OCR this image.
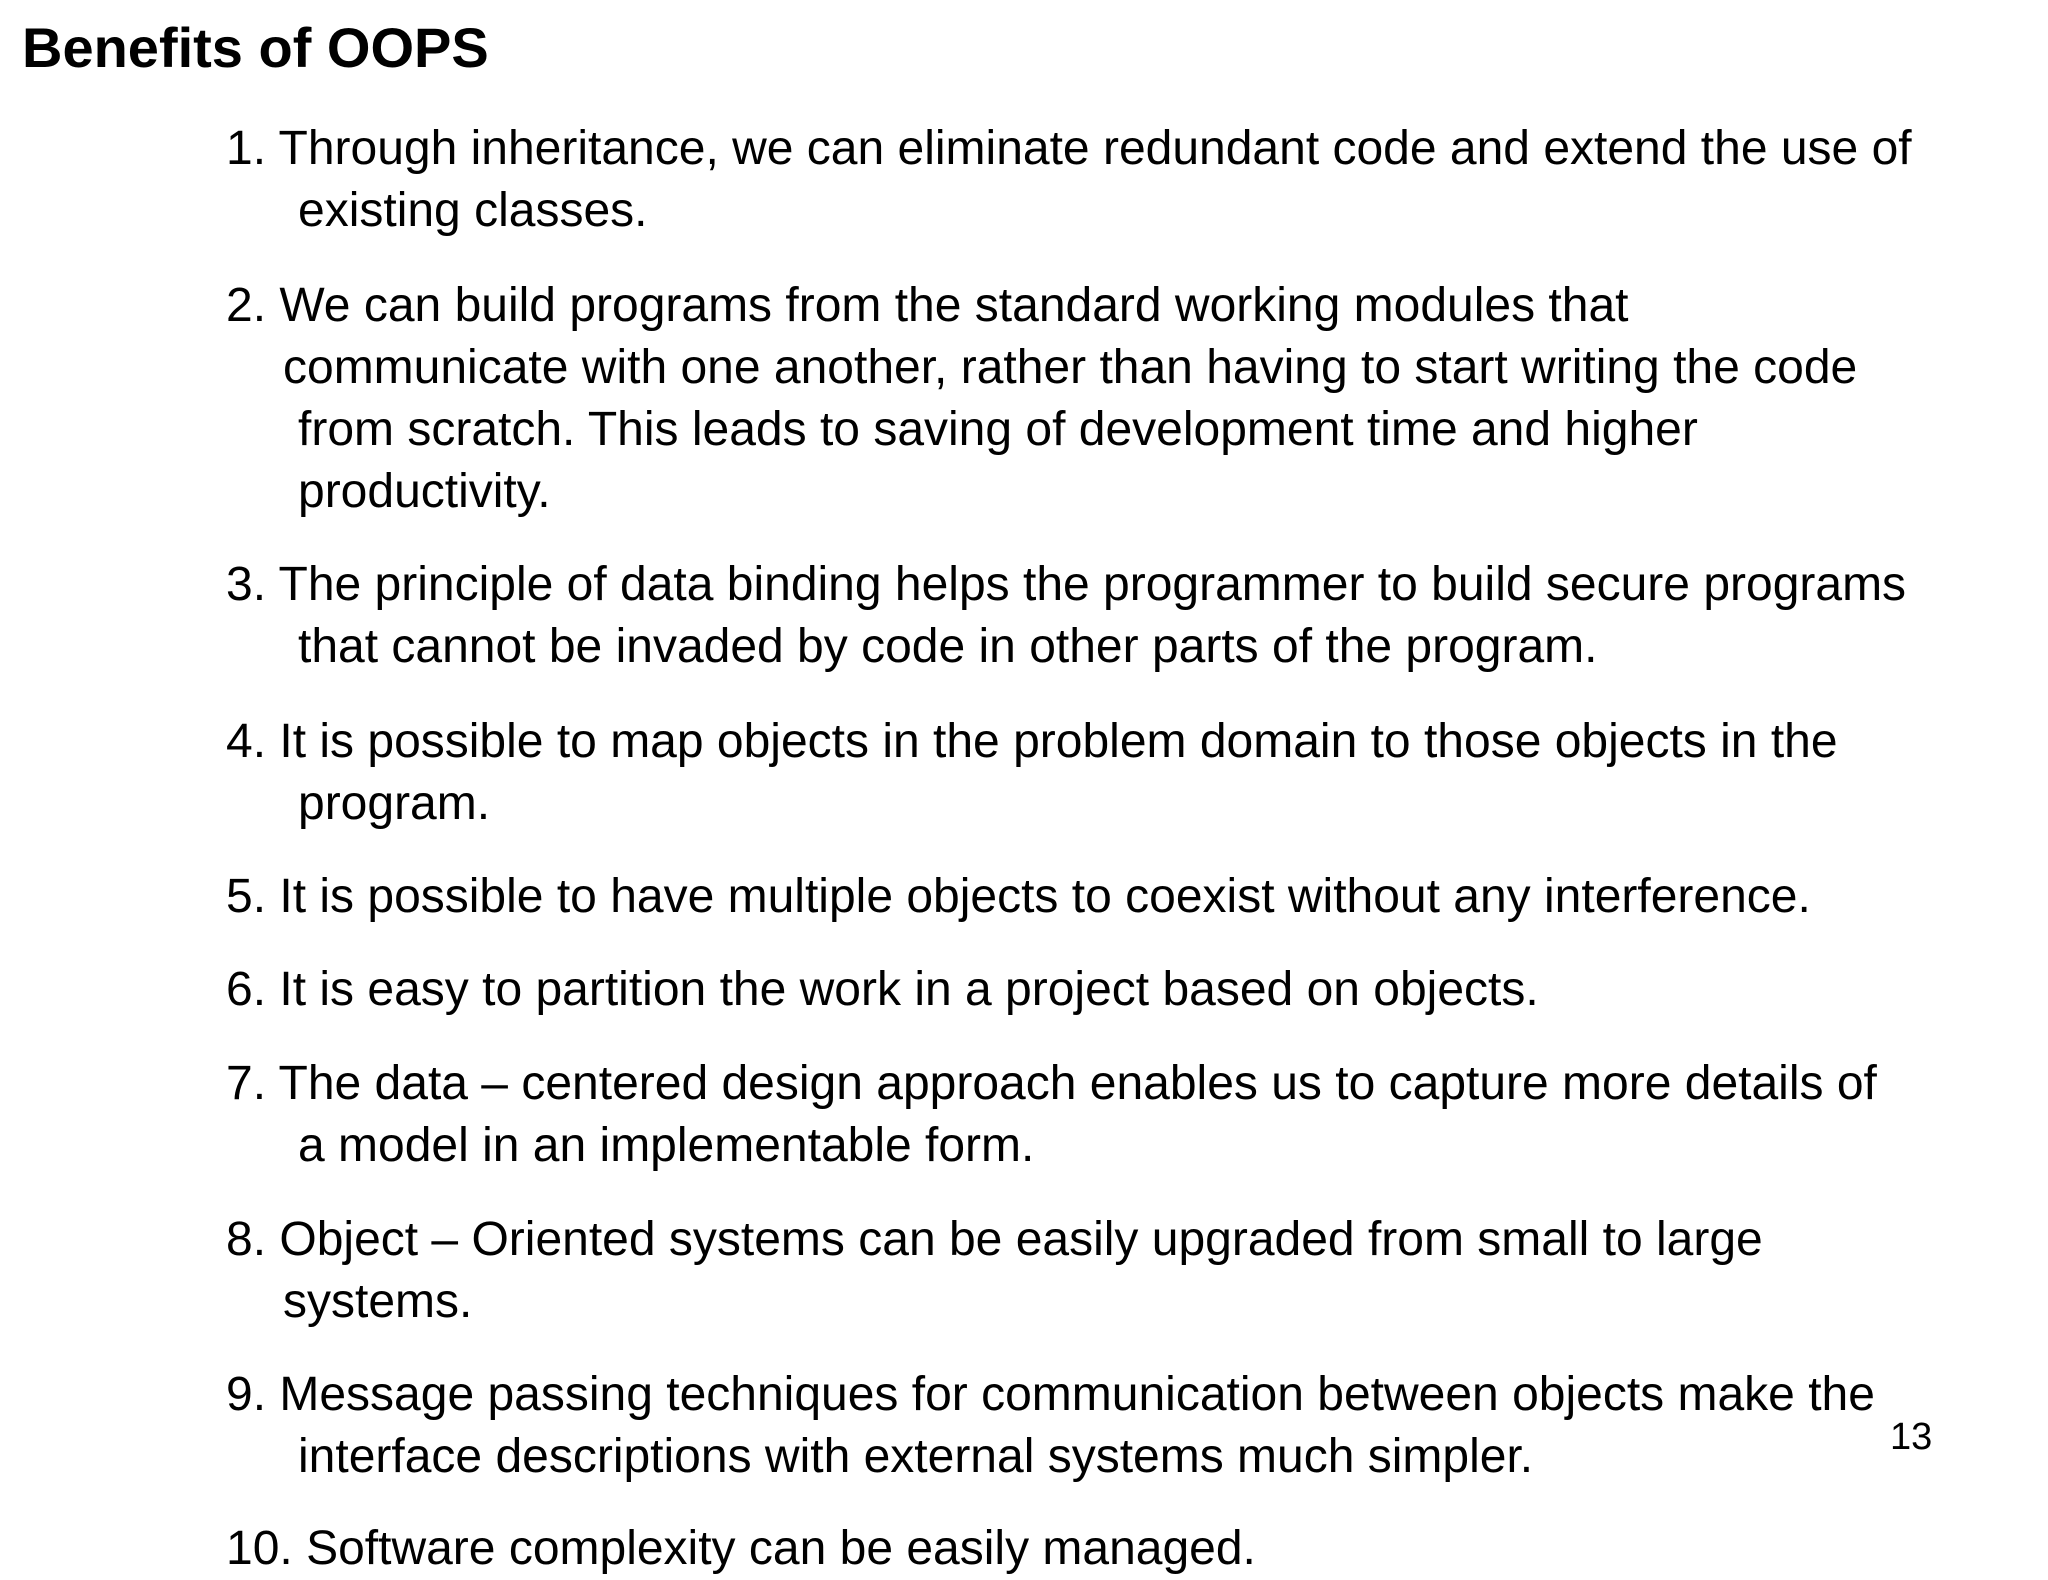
Benefits of OOPS
1. Through inheritance, we can eliminate redundant code and extend the use of
existing classes.
2. We can build programs from the standard working modules that
communicate with one another, rather than having to start writing the code
from scratch. This leads to saving of development time and higher
productivity.
3. The principle of data binding helps the programmer to build secure programs
that cannot be invaded by code in other parts of the program.
4. It is possible to map objects in the problem domain to those objects in the
program.
5. It is possible to have multiple objects to coexist without any interference.
6. It is easy to partition the work in a project based on objects.
7. The data – centered design approach enables us to capture more details of
a model in an implementable form.
8. Object – Oriented systems can be easily upgraded from small to large
systems.
9. Message passing techniques for communication between objects make the
interface descriptions with external systems much simpler.
10. Software complexity can be easily managed.
13
